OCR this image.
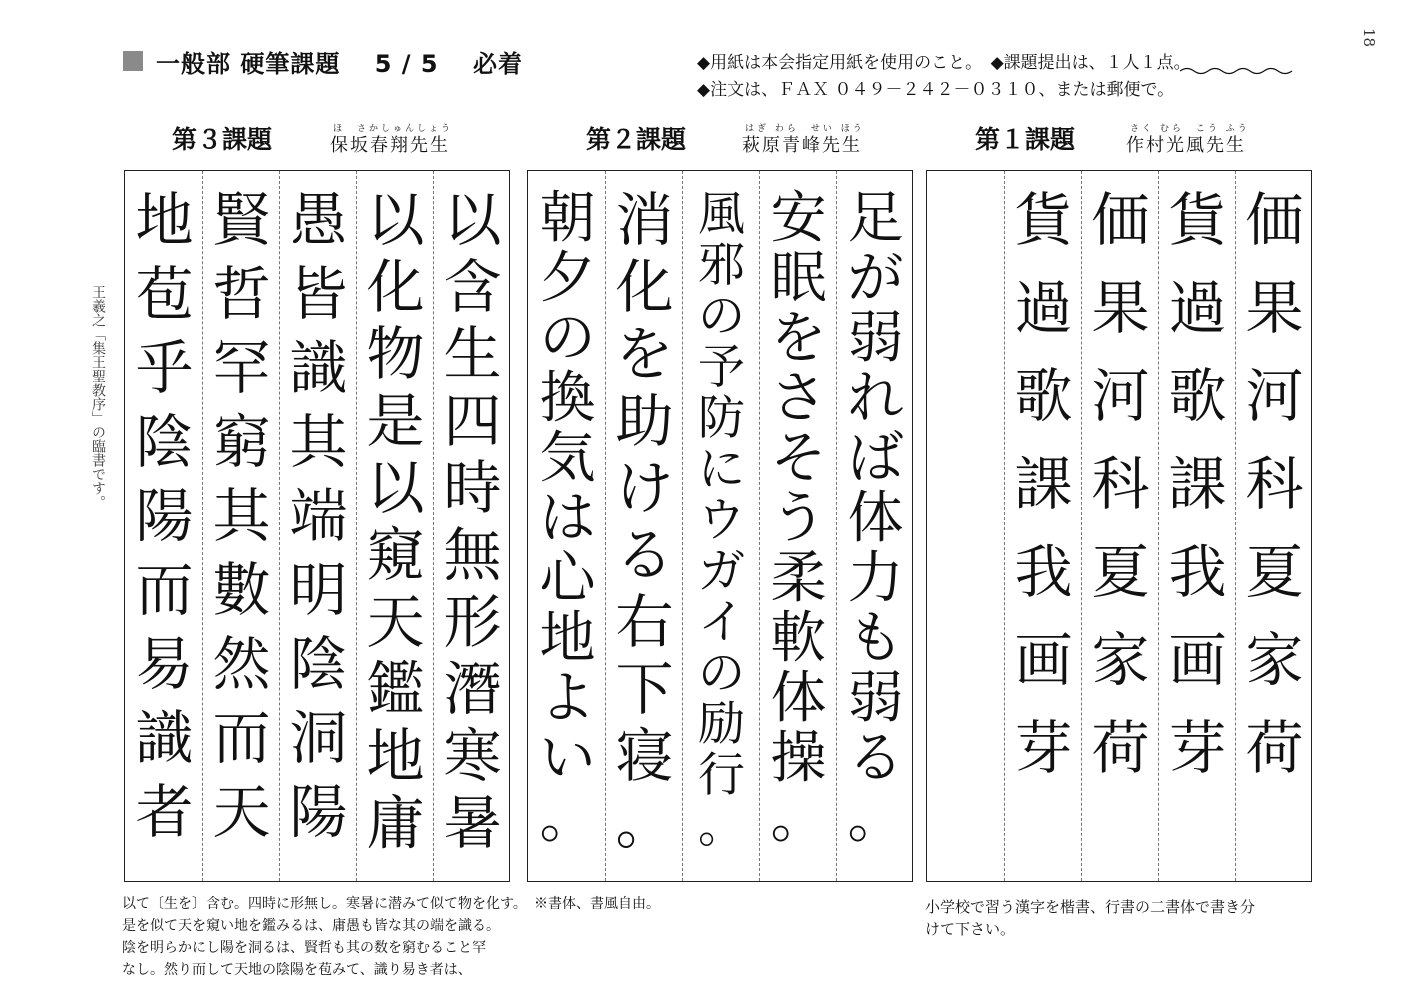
一般部 硬筆課題　 5 / 5 　必着	◆用紙は本会指定用紙を使用のこと。　◆課題提出は、１人１点。
◆注文は、ＦＡＸ ０４９－２４２－０３１０、または郵便で。
18
王羲之「集王聖教序」の臨書です。
第３課題	ほ　さかしゅんしょう
保坂春翔先生
以
含
生
四
時
無
形
潛
寒
暑
以
化
物
是
以
窺
天
鑑
地
庸
愚
皆
識
其
端
明
陰
洞
陽
賢
哲
罕
窮
其
數
然
而
天
地
苞
乎
陰
陽
而
易
識
者
第２課題	はぎ わら　せい ほう
萩原青峰先生
足
が
弱
れ
ば
体
力
も
弱
る
。
安
眠
を
さ
そ
う
柔
軟
体
操
。
風
邪
の
予
防
に
ウ
ガ
イ
の
励
行
。
消
化
を
助
け
る
右
下
寝
。
朝
夕
の
換
気
は
心
地
よ
い
。
第１課題	さく むら　こう ふう
作村光風先生
価
果
河
科
夏
家
荷
貨
過
歌
課
我
画
芽
価
果
河
科
夏
家
荷
貨
過
歌
課
我
画
芽
以て〔生を〕含む。四時に形無し。寒暑に潜みて似て物を化す。
是を似て天を窺い地を鑑みるは、庸愚も皆な其の端を識る。
陰を明らかにし陽を洞るは、賢哲も其の数を窮むること罕
なし。然り而して天地の陰陽を苞みて、識り易き者は、
※書体、書風自由。	小学校で習う漢字を楷書、行書の二書体で書き分
けて下さい。
